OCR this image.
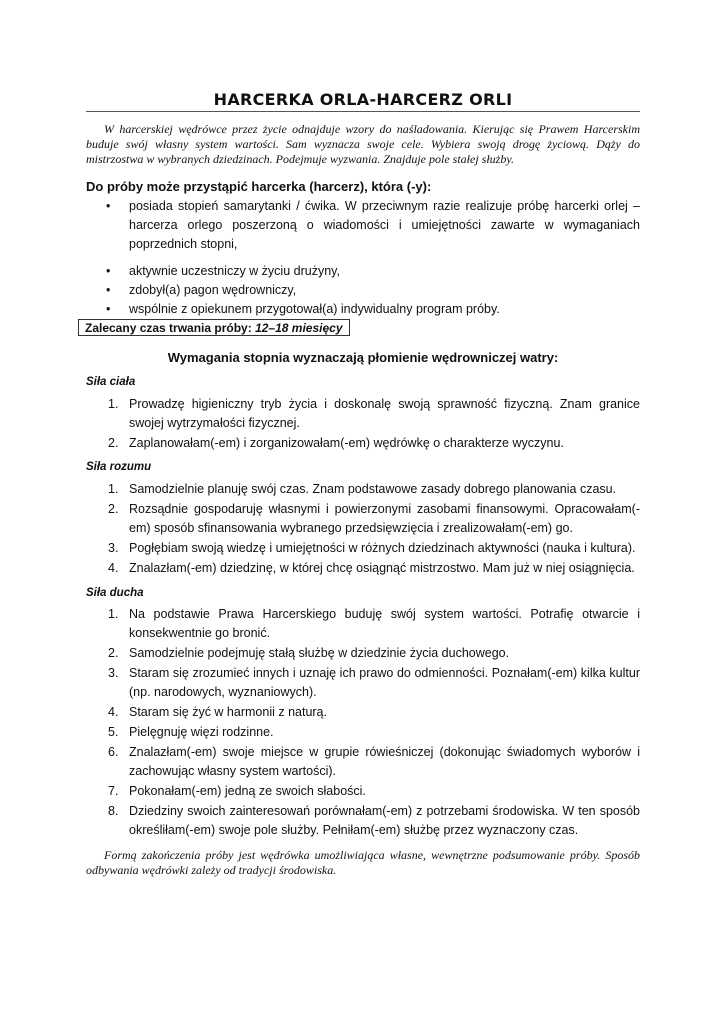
HARCERKA ORLA-HARCERZ ORLI

W harcerskiej wędrówce przez życie odnajduje wzory do naśladowania. Kierując się Prawem Harcerskim buduje swój własny system wartości. Sam wyznacza swoje cele. Wybiera swoją drogę życiową. Dąży do mistrzostwa w wybranych dziedzinach. Podejmuje wyzwania. Znajduje pole stałej służby.

Do próby może przystąpić harcerka (harcerz), która (-y):

• posiada stopień samarytanki / ćwika. W przeciwnym razie realizuje próbę harcerki orlej – harcerza orlego poszerzoną o wiadomości i umiejętności zawarte w wymaganiach poprzednich stopni,
• aktywnie uczestniczy w życiu drużyny,
• zdobył(a) pagon wędrowniczy,
• wspólnie z opiekunem przygotował(a) indywidualny program próby.
Zalecany czas trwania próby: 12–18 miesięcy

Wymagania stopnia wyznaczają płomienie wędrowniczej watry:

Siła ciała

1. Prowadzę higieniczny tryb życia i doskonalę swoją sprawność fizyczną. Znam granice swojej wytrzymałości fizycznej.
2. Zaplanowałam(-em) i zorganizowałam(-em) wędrówkę o charakterze wyczynu.

Siła rozumu

1. Samodzielnie planuję swój czas. Znam podstawowe zasady dobrego planowania czasu.
2. Rozsądnie gospodaruję własnymi i powierzonymi zasobami finansowymi. Opracowałam(-em) sposób sfinansowania wybranego przedsięwzięcia i zrealizowałam(-em) go.
3. Pogłębiam swoją wiedzę i umiejętności w różnych dziedzinach aktywności (nauka i kultura).
4. Znalazłam(-em) dziedzinę, w której chcę osiągnąć mistrzostwo. Mam już w niej osiągnięcia.

Siła ducha

1. Na podstawie Prawa Harcerskiego buduję swój system wartości. Potrafię otwarcie i konsekwentnie go bronić.
2. Samodzielnie podejmuję stałą służbę w dziedzinie życia duchowego.
3. Staram się zrozumieć innych i uznaję ich prawo do odmienności. Poznałam(-em) kilka kultur (np. narodowych, wyznaniowych).
4. Staram się żyć w harmonii z naturą.
5. Pielęgnuję więzi rodzinne.
6. Znalazłam(-em) swoje miejsce w grupie rówieśniczej (dokonując świadomych wyborów i zachowując własny system wartości).
7. Pokonałam(-em) jedną ze swoich słabości.
8. Dziedziny swoich zainteresowań porównałam(-em) z potrzebami środowiska. W ten sposób określiłam(-em) swoje pole służby. Pełniłam(-em) służbę przez wyznaczony czas.

Formą zakończenia próby jest wędrówka umożliwiająca własne, wewnętrzne podsumowanie próby. Sposób odbywania wędrówki zależy od tradycji środowiska.
